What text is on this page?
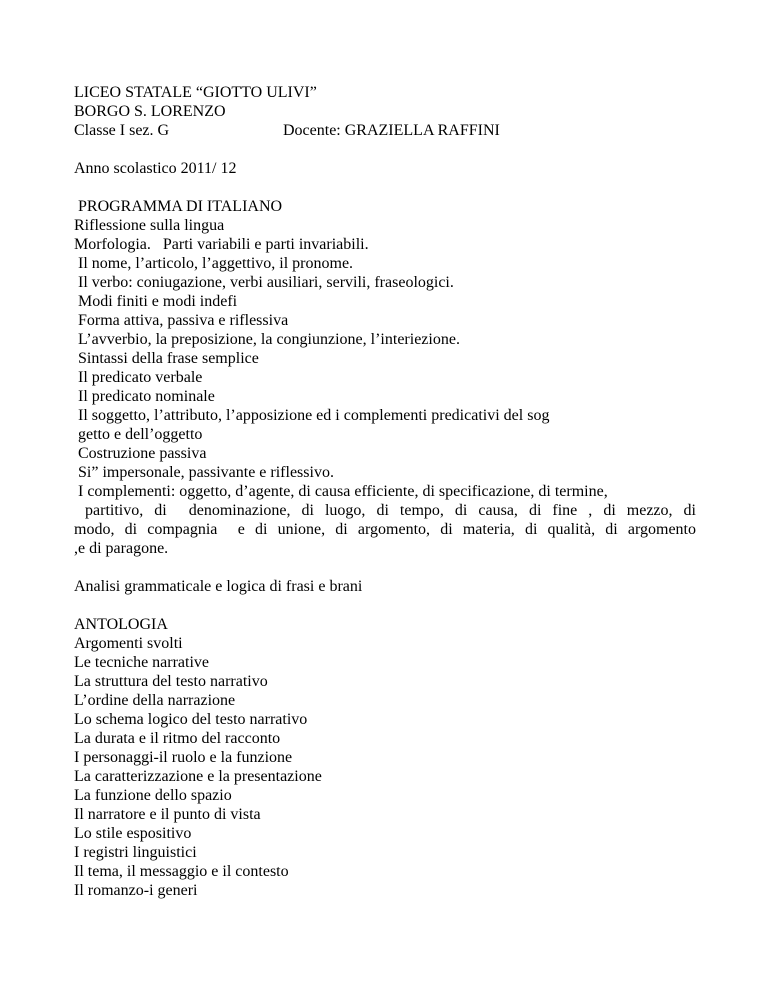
LICEO STATALE “GIOTTO ULIVI”

BORGO S. LORENZO

Classe I sez. G	Docente: GRAZIELLA RAFFINI

Anno scolastico 2011/ 12

PROGRAMMA DI ITALIANO

Riflessione sulla lingua

Morfologia.   Parti variabili e parti invariabili.

Il nome, l’articolo, l’aggettivo, il pronome.

Il verbo: coniugazione, verbi ausiliari, servili, fraseologici.

Modi finiti e modi indefi

Forma attiva, passiva e riflessiva

L’avverbio, la preposizione, la congiunzione, l’interiezione.

Sintassi della frase semplice

Il predicato verbale

Il predicato nominale

Il soggetto, l’attributo, l’apposizione ed i complementi predicativi del sog

getto e dell’oggetto

Costruzione passiva

Si” impersonale, passivante e riflessivo.

I complementi: oggetto, d’agente, di causa efficiente, di specificazione, di termine,

partitivo, di  denominazione, di luogo, di tempo, di causa, di fine , di mezzo, di
modo, di compagnia  e di unione, di argomento, di materia, di qualità, di argomento
,e di paragone.

Analisi grammaticale e logica di frasi e brani

ANTOLOGIA

Argomenti svolti

Le tecniche narrative

La struttura del testo narrativo

L’ordine della narrazione

Lo schema logico del testo narrativo

La durata e il ritmo del racconto

I personaggi-il ruolo e la funzione

La caratterizzazione e la presentazione

La funzione dello spazio

Il narratore e il punto di vista

Lo stile espositivo

I registri linguistici

Il tema, il messaggio e il contesto

Il romanzo-i generi
